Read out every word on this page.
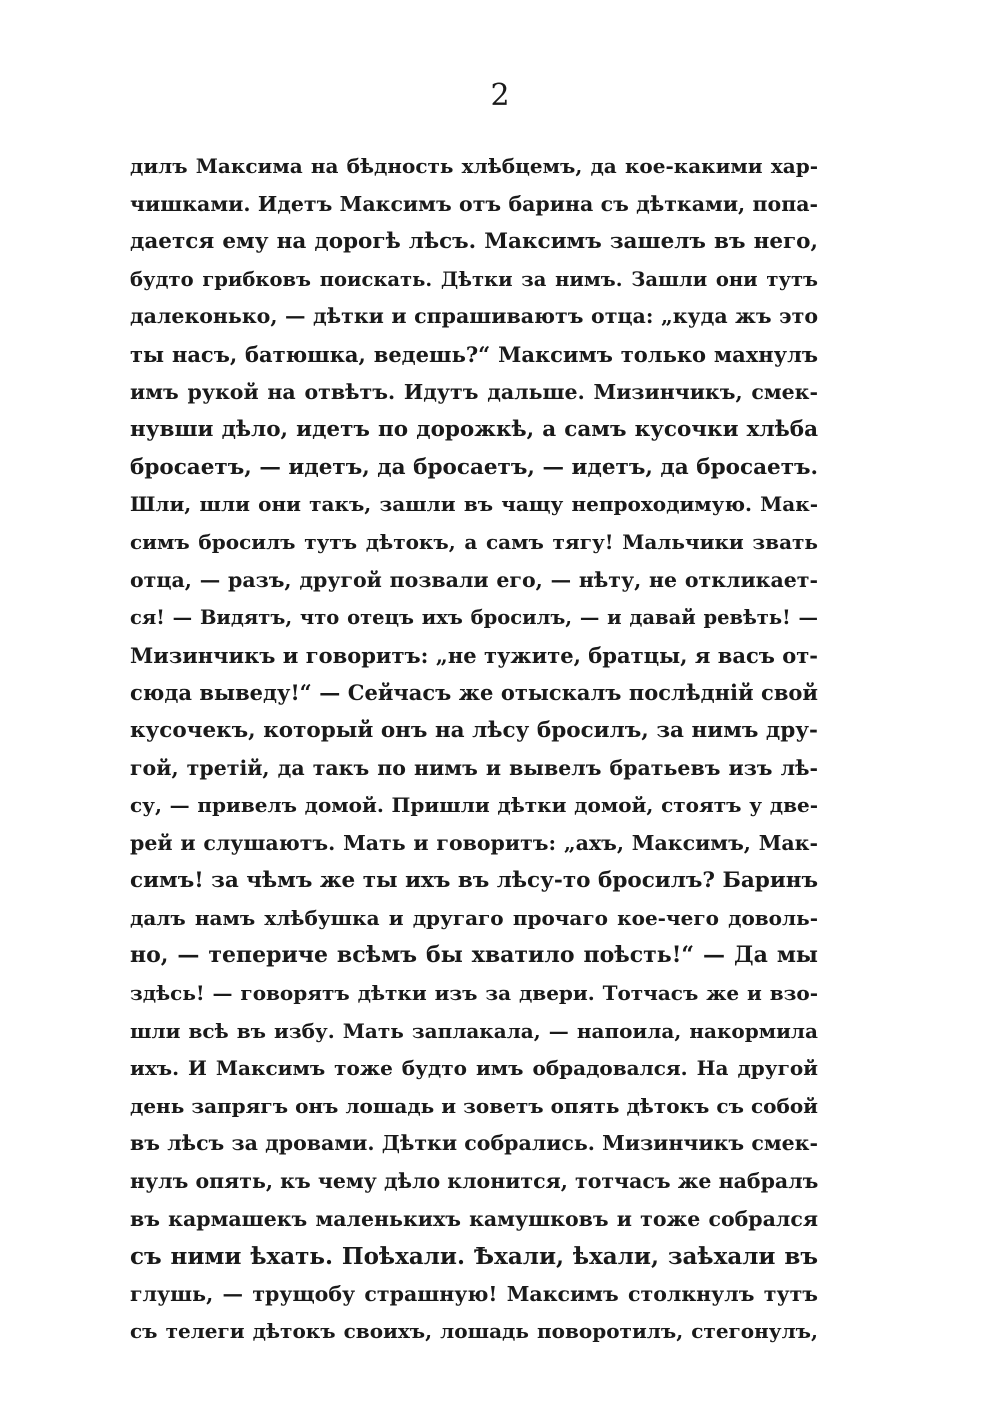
2
дилъ Максима на бѣдность хлѣбцемъ, да кое-какими хар-
чишками. Идетъ Максимъ отъ барина съ дѣтками, попа-
дается ему на дорогѣ лѣсъ. Максимъ зашелъ въ него,
будто грибковъ поискать. Дѣтки за нимъ. Зашли они тутъ
далеконько, — дѣтки и спрашиваютъ отца: „куда жъ это
ты насъ, батюшка, ведешь?“ Максимъ только махнулъ
имъ рукой на отвѣтъ. Идутъ дальше. Мизинчикъ, смек-
нувши дѣло, идетъ по дорожкѣ, а самъ кусочки хлѣба
бросаетъ, — идетъ, да бросаетъ, — идетъ, да бросаетъ.
Шли, шли они такъ, зашли въ чащу непроходимую. Мак-
симъ бросилъ тутъ дѣтокъ, а самъ тягу! Мальчики звать
отца, — разъ, другой позвали его, — нѣту, не откликает-
ся! — Видятъ, что отецъ ихъ бросилъ, — и давай ревѣть! —
Мизинчикъ и говоритъ: „не тужите, братцы, я васъ от-
сюда выведу!“ — Сейчасъ же отыскалъ послѣдній свой
кусочекъ, который онъ на лѣсу бросилъ, за нимъ дру-
гой, третій, да такъ по нимъ и вывелъ братьевъ изъ лѣ-
су, — привелъ домой. Пришли дѣтки домой, стоятъ у две-
рей и слушаютъ. Мать и говоритъ: „ахъ, Максимъ, Мак-
симъ! за чѣмъ же ты ихъ въ лѣсу-то бросилъ? Баринъ
далъ намъ хлѣбушка и другаго прочаго кое-чего доволь-
но, — теперичe всѣмъ бы хватило поѣсть!“ — Да мы
здѣсь! — говорятъ дѣтки изъ за двери. Тотчасъ же и взо-
шли всѣ въ избу. Мать заплакала, — напоила, накормила
ихъ. И Максимъ тоже будто имъ обрадовался. На другой
день запрягъ онъ лошадь и зоветъ опять дѣтокъ съ собой
въ лѣсъ за дровами. Дѣтки собрались. Мизинчикъ смек-
нулъ опять, къ чему дѣло клонится, тотчасъ же набралъ
въ кармашекъ маленькихъ камушковъ и тоже собрался
съ ними ѣхать. Поѣхали. Ѣхали, ѣхали, заѣхали въ
глушь, — трущобу страшную! Максимъ столкнулъ тутъ
съ телеги дѣтокъ своихъ, лошадь поворотилъ, стегонулъ,
